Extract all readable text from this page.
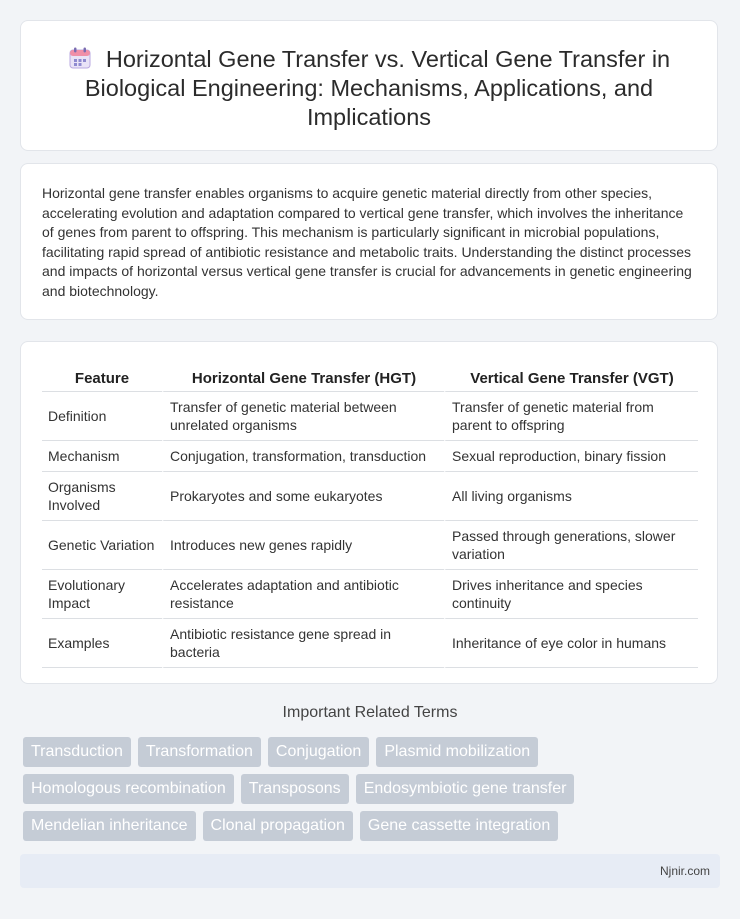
Horizontal Gene Transfer vs. Vertical Gene Transfer in Biological Engineering: Mechanisms, Applications, and Implications

Horizontal gene transfer enables organisms to acquire genetic material directly from other species, accelerating evolution and adaptation compared to vertical gene transfer, which involves the inheritance of genes from parent to offspring. This mechanism is particularly significant in microbial populations, facilitating rapid spread of antibiotic resistance and metabolic traits. Understanding the distinct processes and impacts of horizontal versus vertical gene transfer is crucial for advancements in genetic engineering and biotechnology.

Feature	Horizontal Gene Transfer (HGT)	Vertical Gene Transfer (VGT)
Definition	Transfer of genetic material between unrelated organisms	Transfer of genetic material from parent to offspring
Mechanism	Conjugation, transformation, transduction	Sexual reproduction, binary fission
Organisms Involved	Prokaryotes and some eukaryotes	All living organisms
Genetic Variation	Introduces new genes rapidly	Passed through generations, slower variation
Evolutionary Impact	Accelerates adaptation and antibiotic resistance	Drives inheritance and species continuity
Examples	Antibiotic resistance gene spread in bacteria	Inheritance of eye color in humans
Important Related Terms
Transduction	Transformation	Conjugation	Plasmid mobilization
Homologous recombination	Transposons	Endosymbiotic gene transfer
Mendelian inheritance	Clonal propagation	Gene cassette integration
Njnir.com
